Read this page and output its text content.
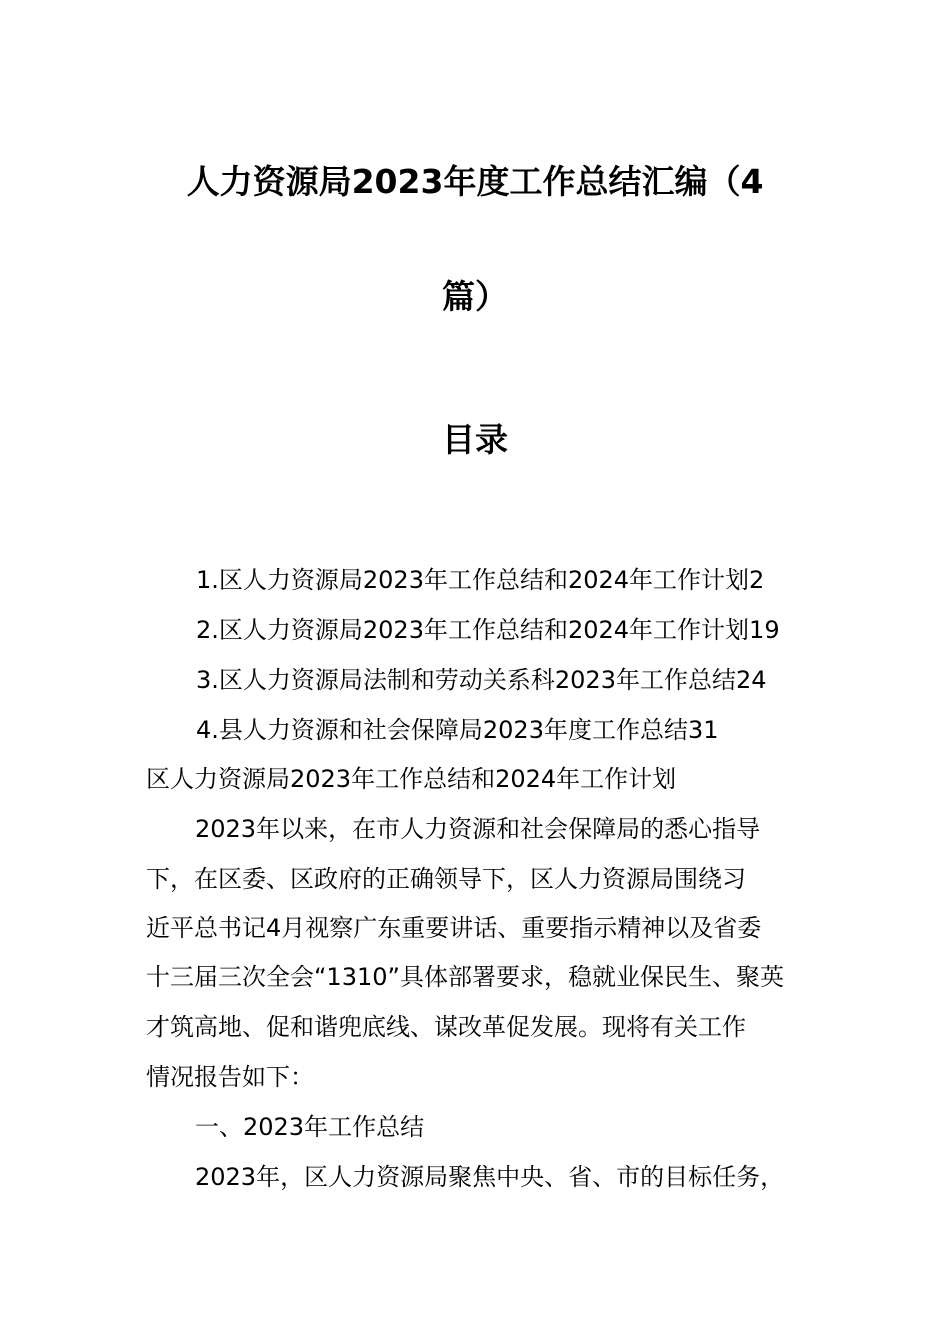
人力资源局2023年度工作总结汇编（4
篇）
目录
1.区人力资源局2023年工作总结和2024年工作计划2
2.区人力资源局2023年工作总结和2024年工作计划19
3.区人力资源局法制和劳动关系科2023年工作总结24
4.县人力资源和社会保障局2023年度工作总结31
区人力资源局2023年工作总结和2024年工作计划
2023年以来，在市人力资源和社会保障局的悉心指导
下，在区委、区政府的正确领导下，区人力资源局围绕习
近平总书记4月视察广东重要讲话、重要指示精神以及省委
十三届三次全会“1310”具体部署要求，稳就业保民生、聚英
才筑高地、促和谐兜底线、谋改革促发展。现将有关工作
情况报告如下：
一、2023年工作总结
2023年，区人力资源局聚焦中央、省、市的目标任务，
